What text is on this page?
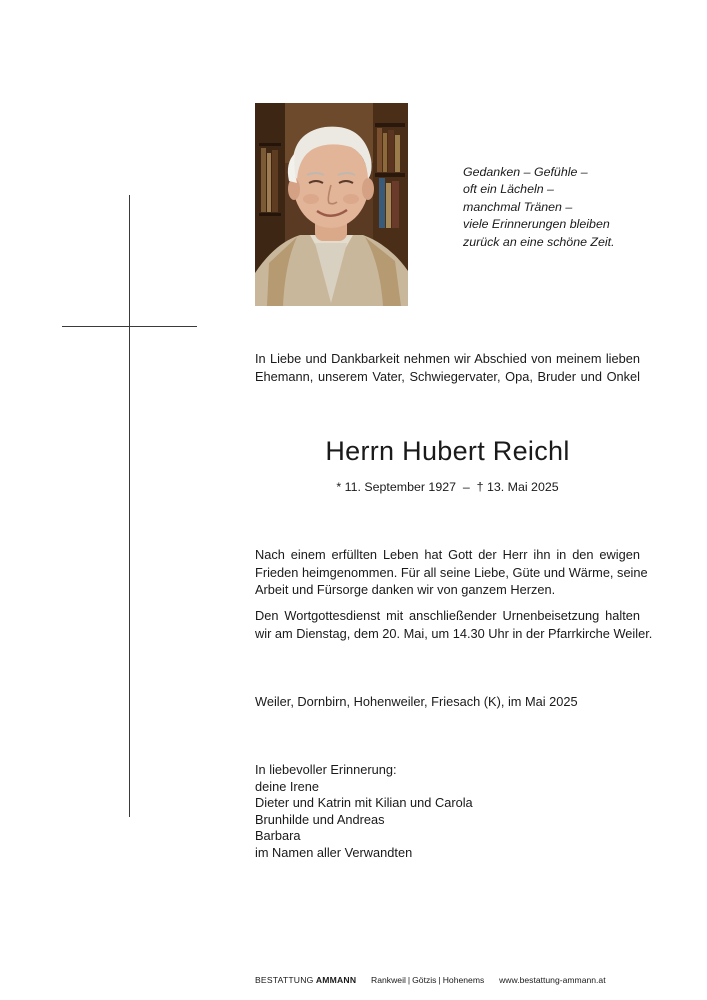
Gedanken – Gefühle –
oft ein Lächeln –
manchmal Tränen –
viele Erinnerungen bleiben
zurück an eine schöne Zeit.
In Liebe und Dankbarkeit nehmen wir Abschied von meinem lieben
Ehemann, unserem Vater, Schwiegervater, Opa, Bruder und Onkel
Herrn Hubert Reichl
* 11. September 1927  –  † 13. Mai 2025
Nach einem erfüllten Leben hat Gott der Herr ihn in den ewigen
Frieden heimgenommen. Für all seine Liebe, Güte und Wärme, seine
Arbeit und Fürsorge danken wir von ganzem Herzen.
Den Wortgottesdienst mit anschließender Urnenbeisetzung halten
wir am Dienstag, dem 20. Mai, um 14.30 Uhr in der Pfarrkirche Weiler.
Weiler, Dornbirn, Hohenweiler, Friesach (K), im Mai 2025
In liebevoller Erinnerung:
deine Irene
Dieter und Katrin mit Kilian und Carola
Brunhilde und Andreas
Barbara
im Namen aller Verwandten
BESTATTUNG AMMANN Rankweil | Götzis | Hohenems www.bestattung-ammann.at
